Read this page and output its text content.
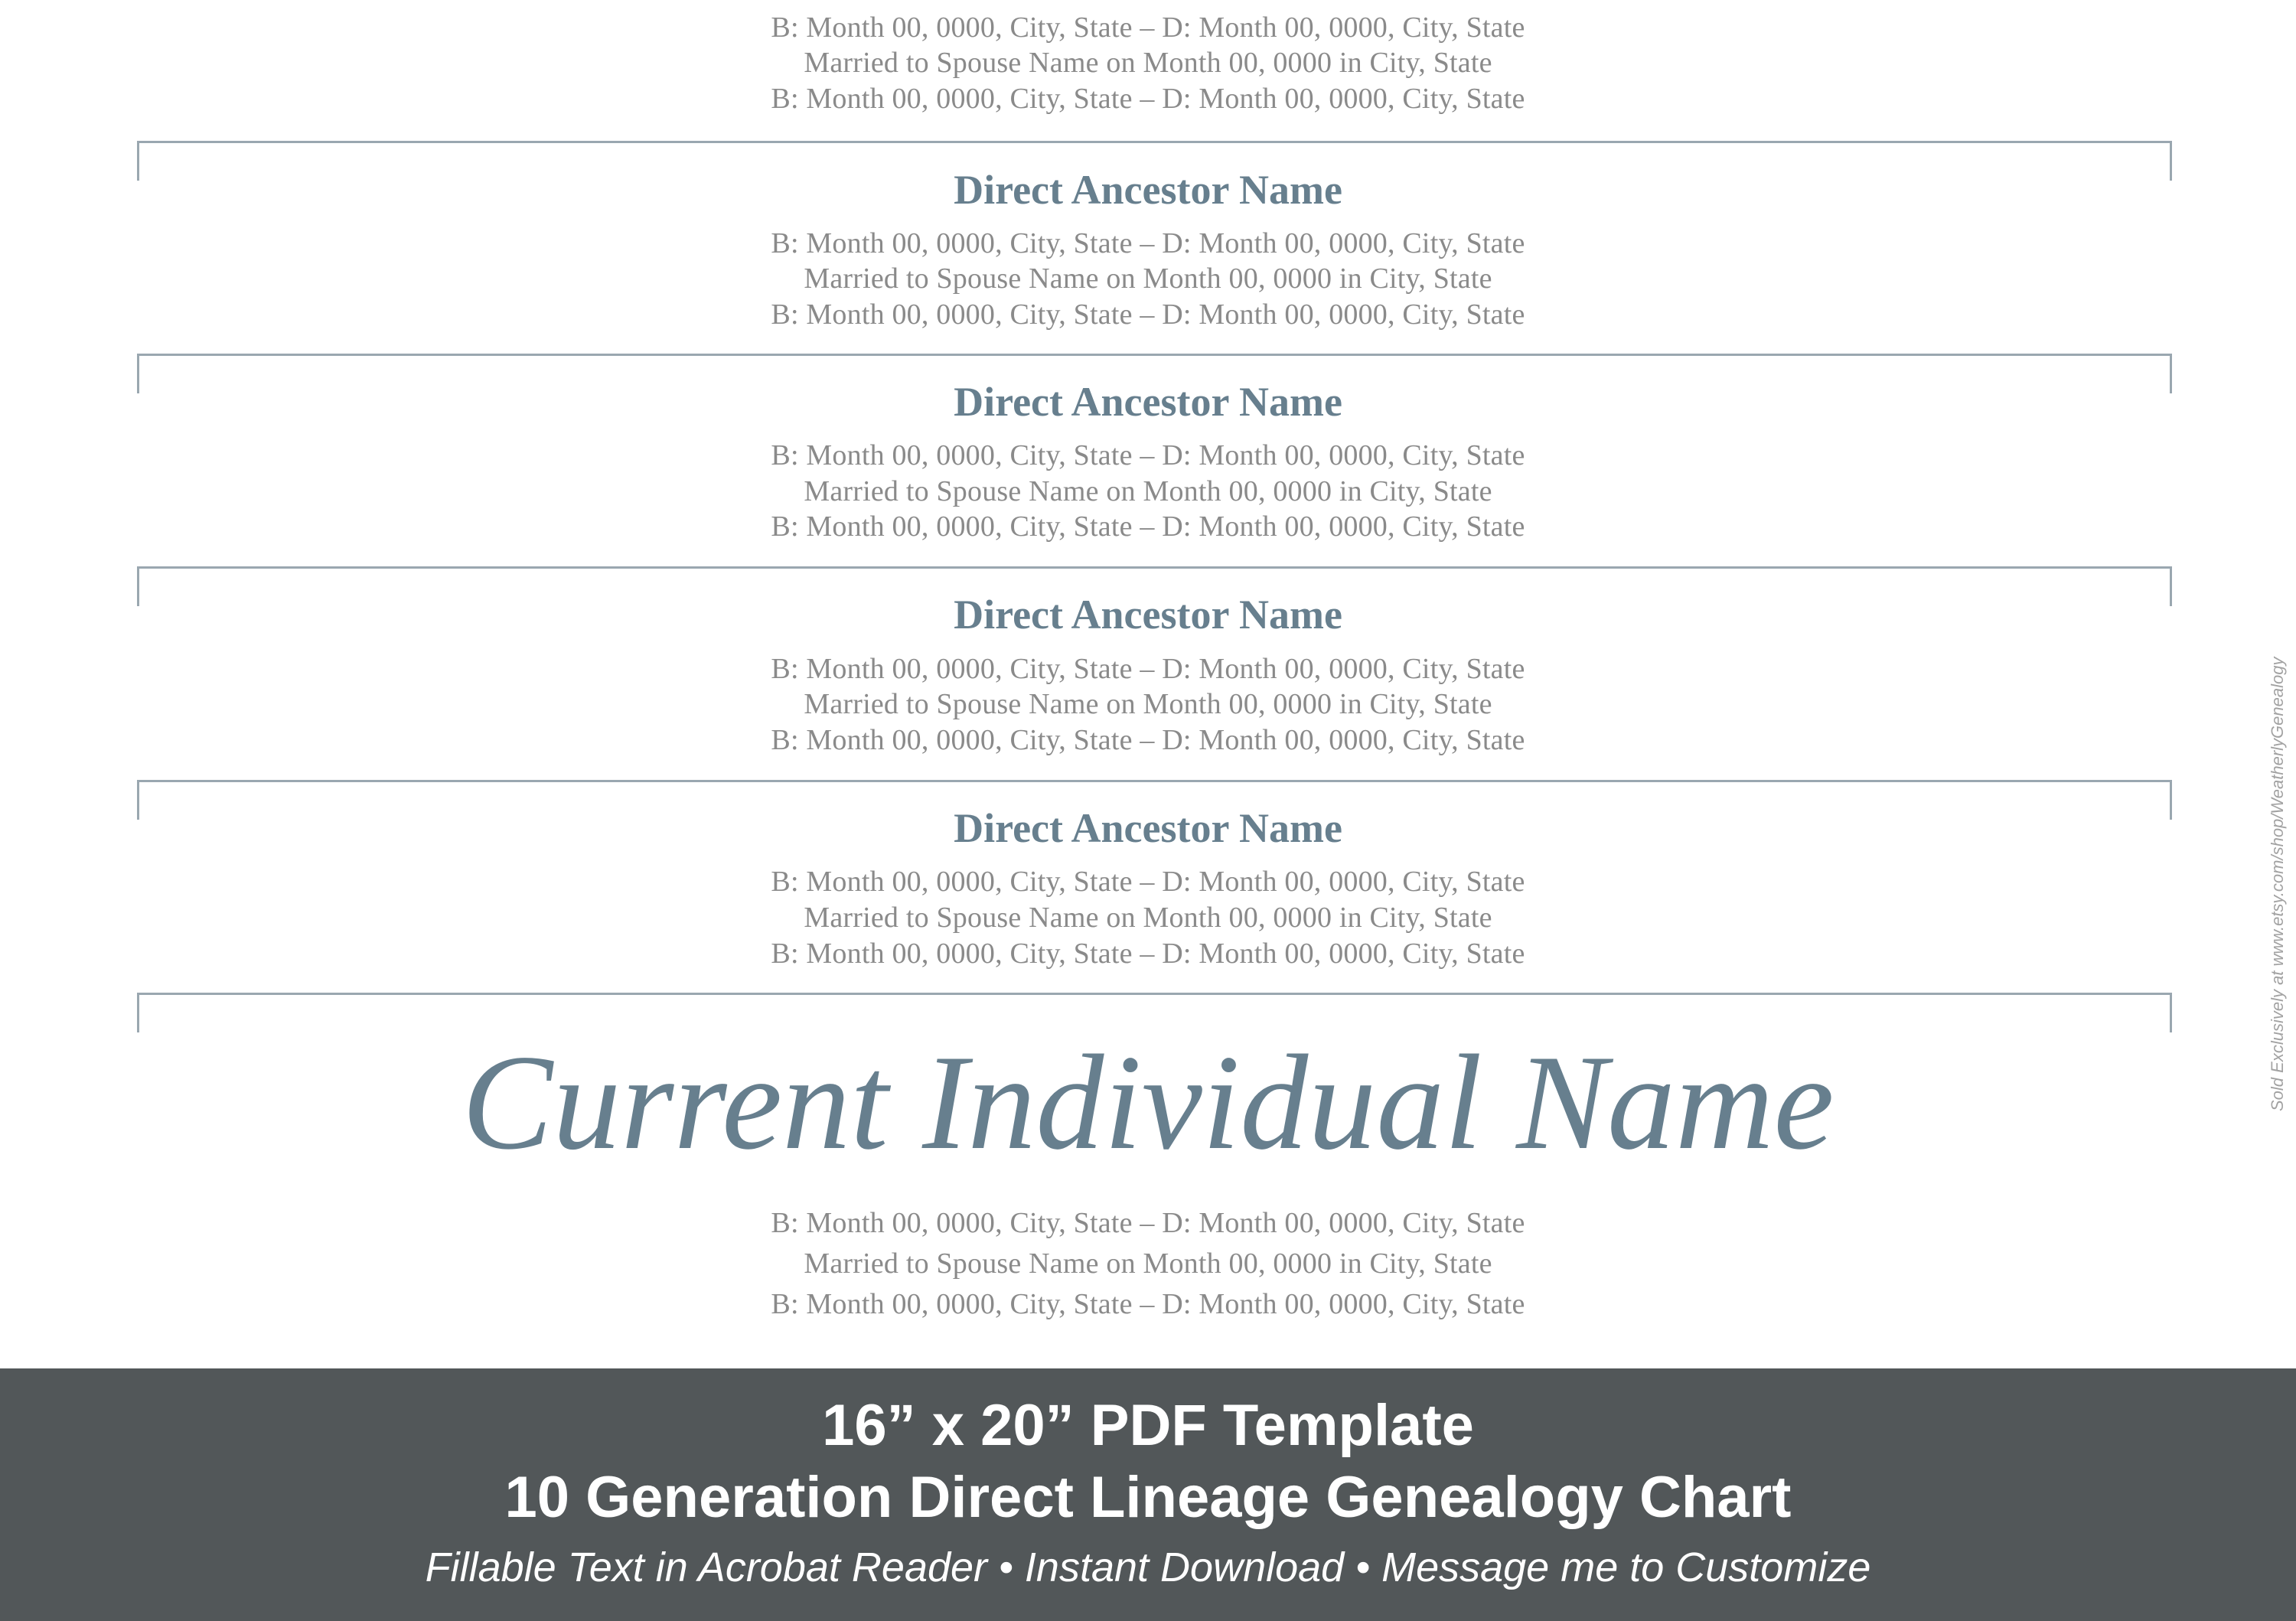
B: Month 00, 0000, City, State – D: Month 00, 0000, City, State
Married to Spouse Name on Month 00, 0000 in City, State
B: Month 00, 0000, City, State – D: Month 00, 0000, City, State
Direct Ancestor Name
B: Month 00, 0000, City, State – D: Month 00, 0000, City, State
Married to Spouse Name on Month 00, 0000 in City, State
B: Month 00, 0000, City, State – D: Month 00, 0000, City, State
Direct Ancestor Name
B: Month 00, 0000, City, State – D: Month 00, 0000, City, State
Married to Spouse Name on Month 00, 0000 in City, State
B: Month 00, 0000, City, State – D: Month 00, 0000, City, State
Direct Ancestor Name
B: Month 00, 0000, City, State – D: Month 00, 0000, City, State
Married to Spouse Name on Month 00, 0000 in City, State
B: Month 00, 0000, City, State – D: Month 00, 0000, City, State
Direct Ancestor Name
B: Month 00, 0000, City, State – D: Month 00, 0000, City, State
Married to Spouse Name on Month 00, 0000 in City, State
B: Month 00, 0000, City, State – D: Month 00, 0000, City, State
Current Individual Name
B: Month 00, 0000, City, State – D: Month 00, 0000, City, State
Married to Spouse Name on Month 00, 0000 in City, State
B: Month 00, 0000, City, State – D: Month 00, 0000, City, State
Sold Exclusively at www.etsy.com/shop/WeatherlyGenealogy
16” x 20” PDF Template
10 Generation Direct Lineage Genealogy Chart
Fillable Text in Acrobat Reader • Instant Download • Message me to Customize
